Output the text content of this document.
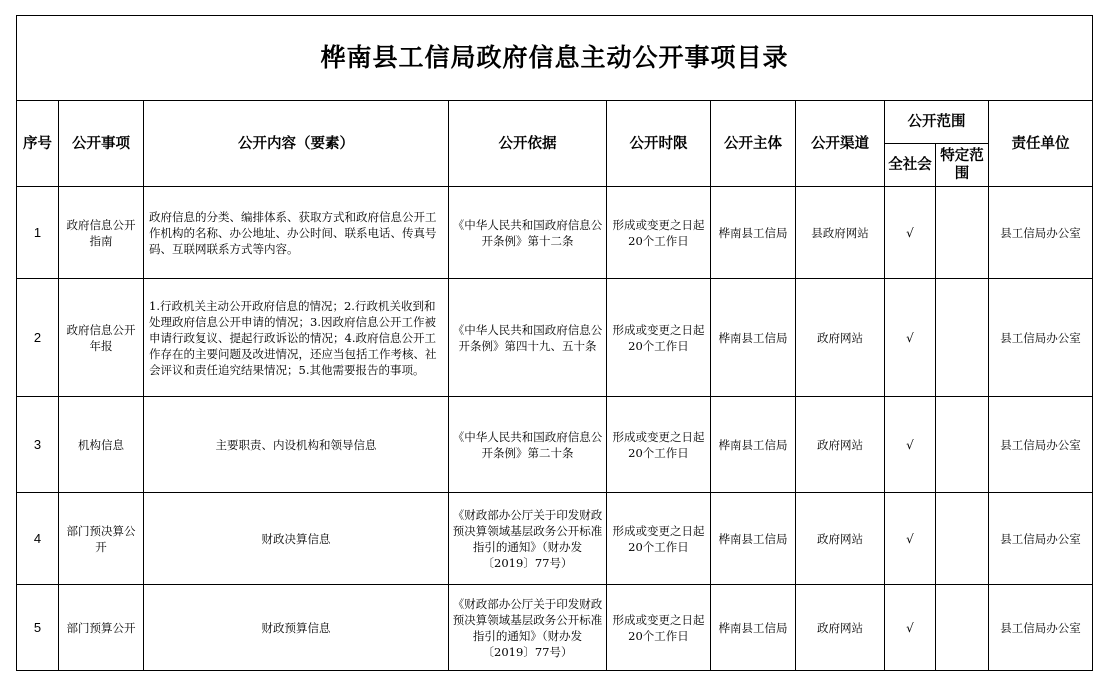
桦南县工信局政府信息主动公开事项目录									
序号	公开事项	公开内容（要素）	公开依据	公开时限	公开主体	公开渠道	公开范围		责任单位
							全社会	特定范围	
1	政府信息公开指南	政府信息的分类、编排体系、获取方式和政府信息公开工作机构的名称、办公地址、办公时间、联系电话、传真号码、互联网联系方式等内容。	《中华人民共和国政府信息公开条例》第十二条	形成或变更之日起20个工作日	桦南县工信局	县政府网站	√		县工信局办公室
2	政府信息公开年报	1.行政机关主动公开政府信息的情况；2.行政机关收到和处理政府信息公开申请的情况；3.因政府信息公开工作被申请行政复议、提起行政诉讼的情况；4.政府信息公开工作存在的主要问题及改进情况，还应当包括工作考核、社会评议和责任追究结果情况；5.其他需要报告的事项。	《中华人民共和国政府信息公开条例》第四十九、五十条	形成或变更之日起20个工作日	桦南县工信局	政府网站	√		县工信局办公室
3	机构信息	主要职责、内设机构和领导信息	《中华人民共和国政府信息公开条例》第二十条	形成或变更之日起20个工作日	桦南县工信局	政府网站	√		县工信局办公室
4	部门预决算公开	财政决算信息	《财政部办公厅关于印发财政预决算领域基层政务公开标准指引的通知》（财办发〔2019〕77号）	形成或变更之日起20个工作日	桦南县工信局	政府网站	√		县工信局办公室
5	部门预算公开	财政预算信息	《财政部办公厅关于印发财政预决算领域基层政务公开标准指引的通知》（财办发〔2019〕77号）	形成或变更之日起20个工作日	桦南县工信局	政府网站	√		县工信局办公室
